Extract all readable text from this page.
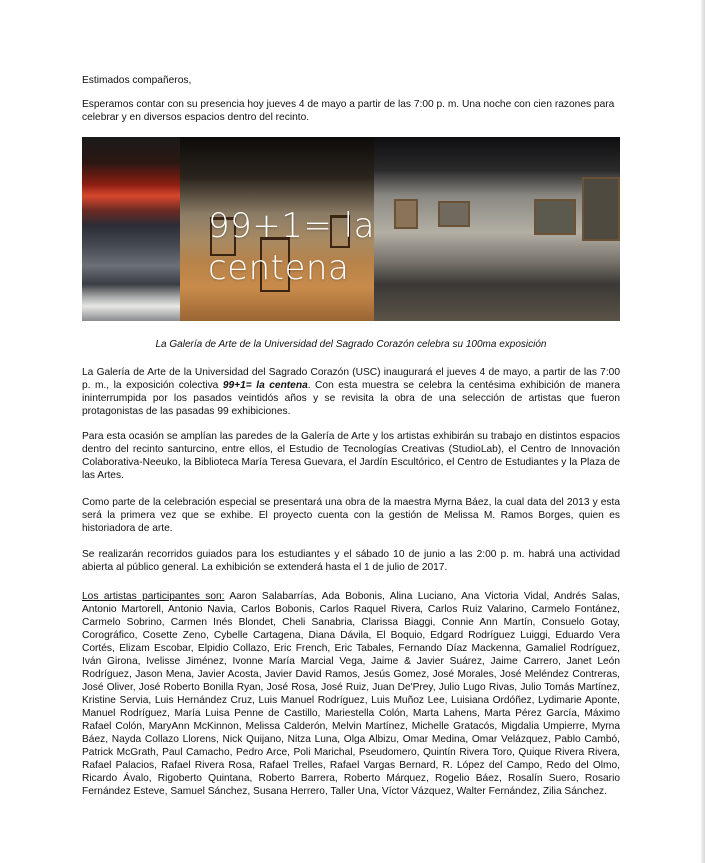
Estimados compañeros,

Esperamos contar con su presencia hoy jueves 4 de mayo a partir de las 7:00 p. m. Una noche con cien razones para celebrar y en diversos espacios dentro del recinto.

99+1= la centena

La Galería de Arte de la Universidad del Sagrado Corazón celebra su 100ma exposición

La Galería de Arte de la Universidad del Sagrado Corazón (USC) inaugurará el jueves 4 de mayo, a partir de las 7:00 p. m., la exposición colectiva 99+1= la centena. Con esta muestra se celebra la centésima exhibición de manera ininterrumpida por los pasados veintidós años y se revisita la obra de una selección de artistas que fueron protagonistas de las pasadas 99 exhibiciones.

Para esta ocasión se amplían las paredes de la Galería de Arte y los artistas exhibirán su trabajo en distintos espacios dentro del recinto santurcino, entre ellos, el Estudio de Tecnologías Creativas (StudioLab), el Centro de Innovación Colaborativa-Neeuko, la Biblioteca María Teresa Guevara, el Jardín Escultórico, el Centro de Estudiantes y la Plaza de las Artes.

Como parte de la celebración especial se presentará una obra de la maestra Myrna Báez, la cual data del 2013 y esta será la primera vez que se exhibe. El proyecto cuenta con la gestión de Melissa M. Ramos Borges, quien es historiadora de arte.

Se realizarán recorridos guiados para los estudiantes y el sábado 10 de junio a las 2:00 p. m. habrá una actividad abierta al público general. La exhibición se extenderá hasta el 1 de julio de 2017.

Los artistas participantes son: Aaron Salabarrías, Ada Bobonis, Alina Luciano, Ana Victoria Vidal, Andrés Salas, Antonio Martorell, Antonio Navia, Carlos Bobonis, Carlos Raquel Rivera, Carlos Ruiz Valarino, Carmelo Fontánez, Carmelo Sobrino, Carmen Inés Blondet, Cheli Sanabria, Clarissa Biaggi, Connie Ann Martín, Consuelo Gotay, Corográfico, Cosette Zeno, Cybelle Cartagena, Diana Dávila, El Boquio, Edgard Rodríguez Luiggi, Eduardo Vera Cortés, Elizam Escobar, Elpidio Collazo, Eric French, Eric Tabales, Fernando Díaz Mackenna, Gamaliel Rodríguez, Iván Girona, Ivelisse Jiménez, Ivonne María Marcial Vega, Jaime & Javier Suárez, Jaime Carrero, Janet León Rodríguez, Jason Mena, Javier Acosta, Javier David Ramos, Jesús Gomez, José Morales, José Meléndez Contreras, José Oliver, José Roberto Bonilla Ryan, José Rosa, José Ruiz, Juan De'Prey, Julio Lugo Rivas, Julio Tomás Martínez, Kristine Servia, Luis Hernández Cruz, Luis Manuel Rodríguez, Luis Muñoz Lee, Luisiana Ordóñez, Lydimarie Aponte, Manuel Rodríguez, María Luisa Penne de Castillo, Mariestella Colón, Marta Lahens, Marta Pérez García, Máximo Rafael Colón, MaryAnn McKinnon, Melissa Calderón, Melvin Martínez, Michelle Gratacós, Migdalia Umpierre, Myrna Báez, Nayda Collazo Llorens, Nick Quijano, Nitza Luna, Olga Albizu, Omar Medina, Omar Velázquez, Pablo Cambó, Patrick McGrath, Paul Camacho, Pedro Arce, Poli Marichal, Pseudomero, Quintín Rivera Toro, Quique Rivera Rivera, Rafael Palacios, Rafael Rivera Rosa, Rafael Trelles, Rafael Vargas Bernard, R. López del Campo, Redo del Olmo, Ricardo Ávalo, Rigoberto Quintana, Roberto Barrera, Roberto Márquez, Rogelio Báez, Rosalín Suero, Rosario Fernández Esteve, Samuel Sánchez, Susana Herrero, Taller Una, Víctor Vázquez, Walter Fernández, Zilia Sánchez.
